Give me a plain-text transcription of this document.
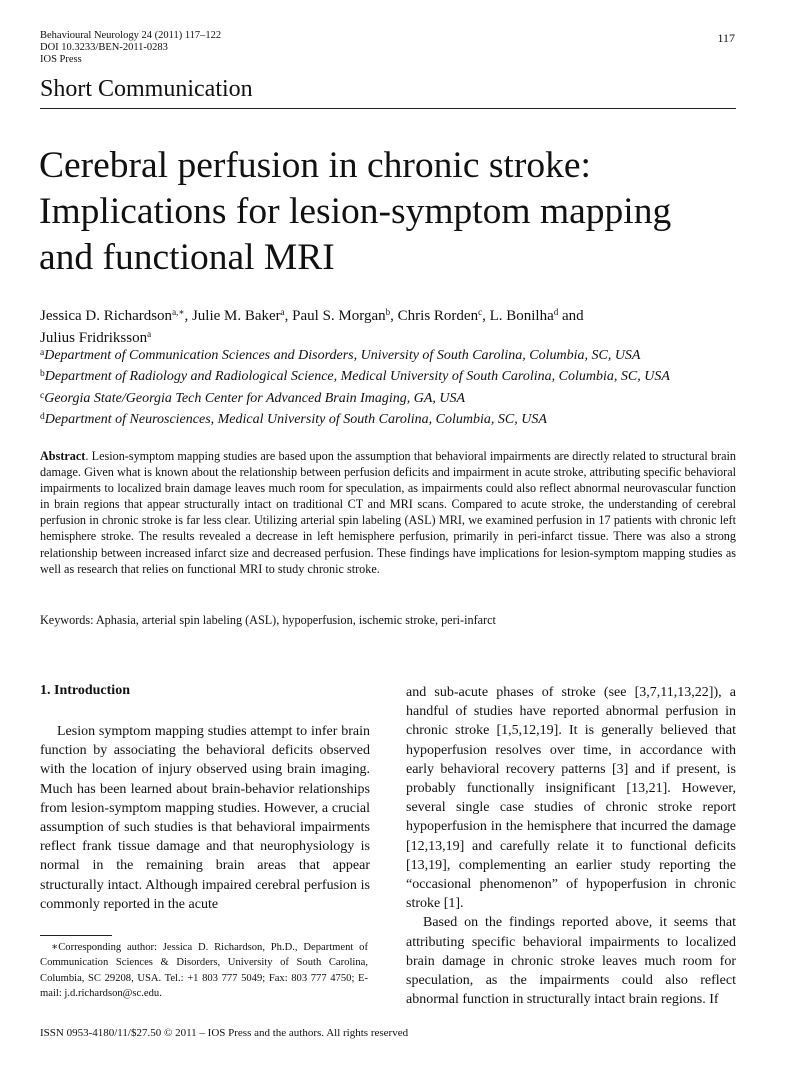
Behavioural Neurology 24 (2011) 117–122
DOI 10.3233/BEN-2011-0283
IOS Press
117
Short Communication
Cerebral perfusion in chronic stroke:
Implications for lesion-symptom mapping
and functional MRI
Jessica D. Richardson$^{a,∗}$, Julie M. Baker$^a$, Paul S. Morgan$^b$, Chris Rorden$^c$, L. Bonilha$^d$ and
Julius Fridriksson$^a$
$^a$Department of Communication Sciences and Disorders, University of South Carolina, Columbia, SC, USA
$^b$Department of Radiology and Radiological Science, Medical University of South Carolina, Columbia, SC, USA
$^c$Georgia State/Georgia Tech Center for Advanced Brain Imaging, GA, USA
$^d$Department of Neurosciences, Medical University of South Carolina, Columbia, SC, USA
Abstract. Lesion-symptom mapping studies are based upon the assumption that behavioral impairments are directly related to structural brain damage. Given what is known about the relationship between perfusion deficits and impairment in acute stroke, attributing specific behavioral impairments to localized brain damage leaves much room for speculation, as impairments could also reflect abnormal neurovascular function in brain regions that appear structurally intact on traditional CT and MRI scans. Compared to acute stroke, the understanding of cerebral perfusion in chronic stroke is far less clear. Utilizing arterial spin labeling (ASL) MRI, we examined perfusion in 17 patients with chronic left hemisphere stroke. The results revealed a decrease in left hemisphere perfusion, primarily in peri-infarct tissue. There was also a strong relationship between increased infarct size and decreased perfusion. These findings have implications for lesion-symptom mapping studies as well as research that relies on functional MRI to study chronic stroke.
Keywords: Aphasia, arterial spin labeling (ASL), hypoperfusion, ischemic stroke, peri-infarct
1. Introduction

Lesion symptom mapping studies attempt to infer brain function by associating the behavioral deficits observed with the location of injury observed using brain imaging. Much has been learned about brain-behavior relationships from lesion-symptom mapping studies. However, a crucial assumption of such studies is that behavioral impairments reflect frank tissue damage and that neurophysiology is normal in the remaining brain areas that appear structurally intact. Although impaired cerebral perfusion is commonly reported in the acute

and sub-acute phases of stroke (see [3,7,11,13,22]), a handful of studies have reported abnormal perfusion in chronic stroke [1,5,12,19]. It is generally believed that hypoperfusion resolves over time, in accordance with early behavioral recovery patterns [3] and if present, is probably functionally insignificant [13,21]. However, several single case studies of chronic stroke report hypoperfusion in the hemisphere that incurred the damage [12,13,19] and carefully relate it to functional deficits [13,19], complementing an earlier study reporting the “occasional phenomenon” of hypoperfusion in chronic stroke [1].

Based on the findings reported above, it seems that attributing specific behavioral impairments to localized brain damage in chronic stroke leaves much room for speculation, as the impairments could also reflect abnormal function in structurally intact brain regions. If

∗Corresponding author: Jessica D. Richardson, Ph.D., Department of Communication Sciences & Disorders, University of South Carolina, Columbia, SC 29208, USA. Tel.: +1 803 777 5049; Fax: 803 777 4750; E-mail: j.d.richardson@sc.edu.
ISSN 0953-4180/11/$27.50 © 2011 – IOS Press and the authors. All rights reserved
